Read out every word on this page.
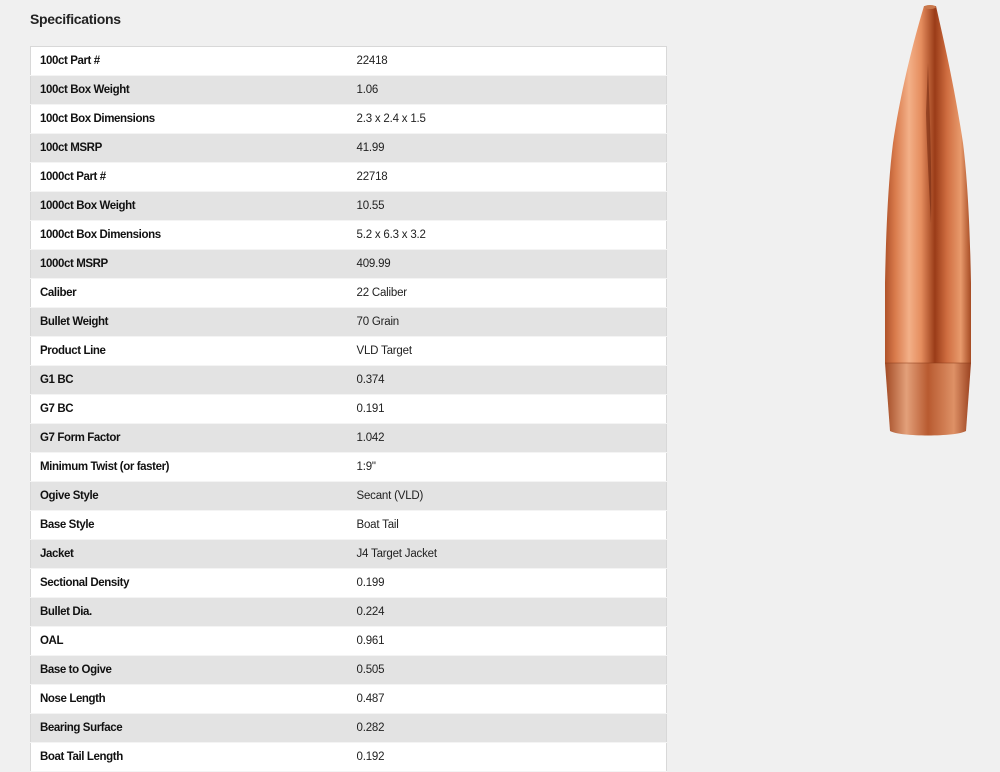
Specifications
100ct Part #	22418
100ct Box Weight	1.06
100ct Box Dimensions	2.3 x 2.4 x 1.5
100ct MSRP	41.99
1000ct Part #	22718
1000ct Box Weight	10.55
1000ct Box Dimensions	5.2 x 6.3 x 3.2
1000ct MSRP	409.99
Caliber	22 Caliber
Bullet Weight	70 Grain
Product Line	VLD Target
G1 BC	0.374
G7 BC	0.191
G7 Form Factor	1.042
Minimum Twist (or faster)	1:9"
Ogive Style	Secant (VLD)
Base Style	Boat Tail
Jacket	J4 Target Jacket
Sectional Density	0.199
Bullet Dia.	0.224
OAL	0.961
Base to Ogive	0.505
Nose Length	0.487
Bearing Surface	0.282
Boat Tail Length	0.192
